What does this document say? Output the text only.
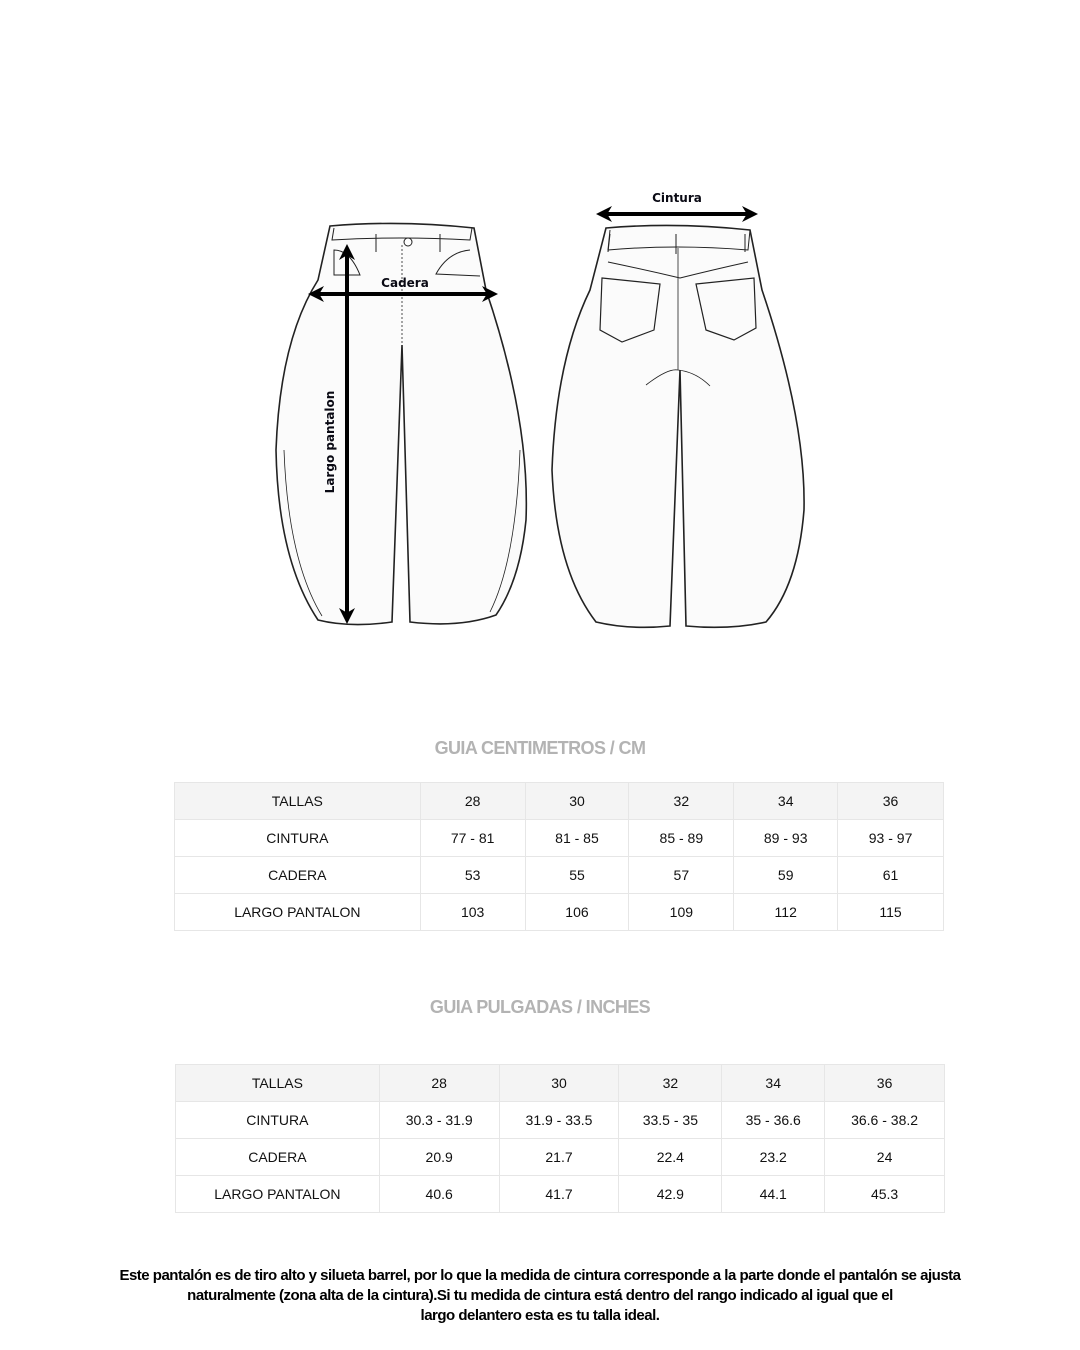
Cadera
Cintura
Largo pantalon
GUIA CENTIMETROS / CM
TALLAS	28	30	32	34	36
CINTURA	77 - 81	81 - 85	85 - 89	89 - 93	93 - 97
CADERA	53	55	57	59	61
LARGO PANTALON	103	106	109	112	115
GUIA PULGADAS / INCHES
TALLAS	28	30	32	34	36
CINTURA	30.3 - 31.9	31.9 - 33.5	33.5 - 35	35 - 36.6	36.6 - 38.2
CADERA	20.9	21.7	22.4	23.2	24
LARGO PANTALON	40.6	41.7	42.9	44.1	45.3
Este pantalón es de tiro alto y silueta barrel, por lo que la medida de cintura corresponde a la parte donde el pantalón se ajusta
naturalmente (zona alta de la cintura).Si tu medida de cintura está dentro del rango indicado al igual que el
largo delantero esta es tu talla ideal.
